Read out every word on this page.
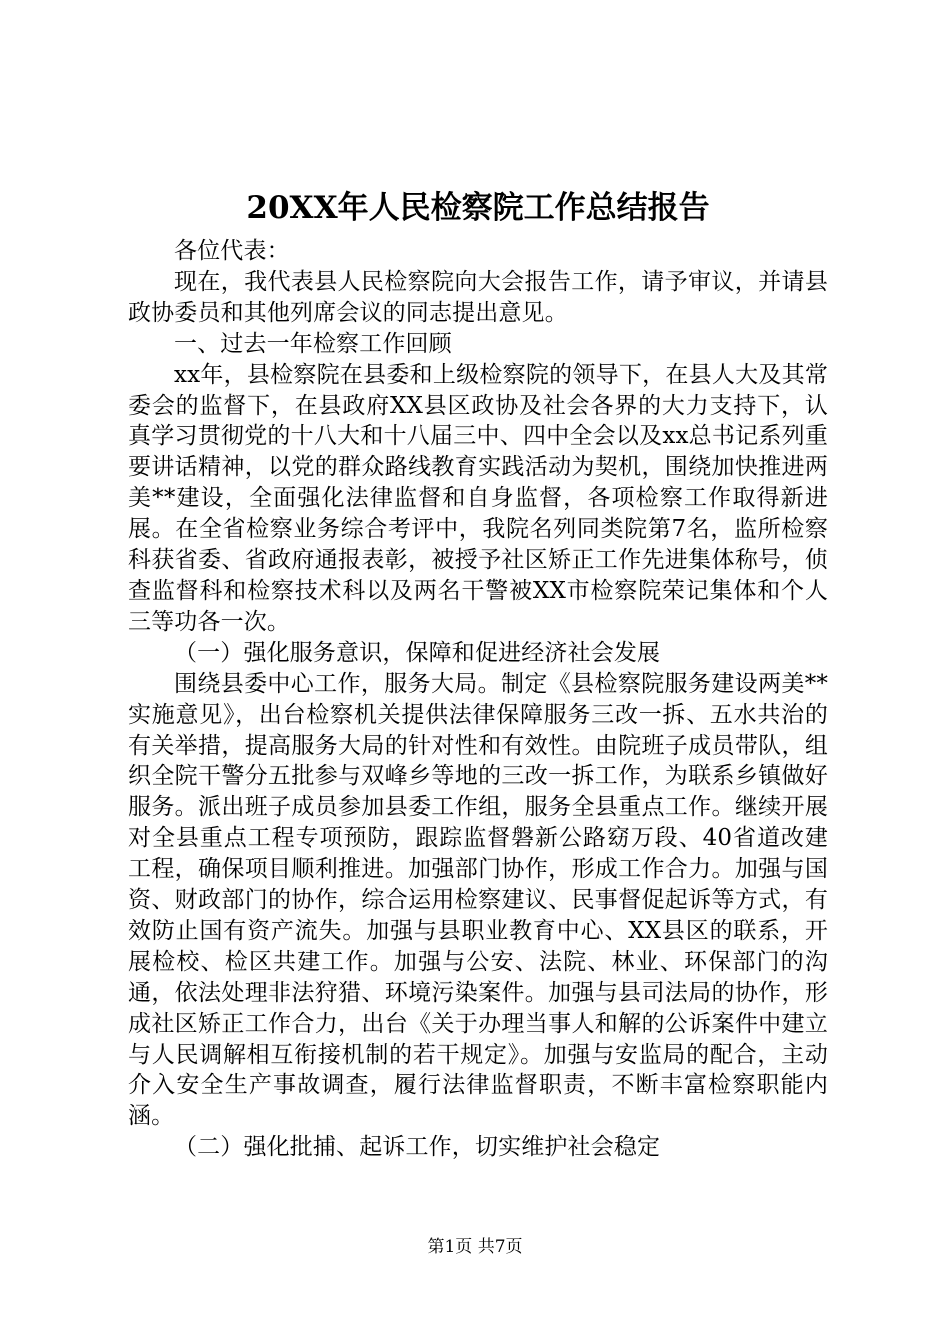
20XX年人民检察院工作总结报告

各位代表：

现在，我代表县人民检察院向大会报告工作，请予审议，并请县政协委员和其他列席会议的同志提出意见。

一、过去一年检察工作回顾

xx年，县检察院在县委和上级检察院的领导下，在县人大及其常委会的监督下，在县政府XX县区政协及社会各界的大力支持下，认真学习贯彻党的十八大和十八届三中、四中全会以及xx总书记系列重要讲话精神，以党的群众路线教育实践活动为契机，围绕加快推进两美**建设，全面强化法律监督和自身监督，各项检察工作取得新进展。在全省检察业务综合考评中，我院名列同类院第7名，监所检察科获省委、省政府通报表彰，被授予社区矫正工作先进集体称号，侦查监督科和检察技术科以及两名干警被XX市检察院荣记集体和个人三等功各一次。

（一）强化服务意识，保障和促进经济社会发展

围绕县委中心工作，服务大局。制定《县检察院服务建设两美**实施意见》，出台检察机关提供法律保障服务三改一拆、五水共治的有关举措，提高服务大局的针对性和有效性。由院班子成员带队，组织全院干警分五批参与双峰乡等地的三改一拆工作，为联系乡镇做好服务。派出班子成员参加县委工作组，服务全县重点工作。继续开展对全县重点工程专项预防，跟踪监督磐新公路窈万段、40省道改建工程，确保项目顺利推进。加强部门协作，形成工作合力。加强与国资、财政部门的协作，综合运用检察建议、民事督促起诉等方式，有效防止国有资产流失。加强与县职业教育中心、XX县区的联系，开展检校、检区共建工作。加强与公安、法院、林业、环保部门的沟通，依法处理非法狩猎、环境污染案件。加强与县司法局的协作，形成社区矫正工作合力，出台《关于办理当事人和解的公诉案件中建立与人民调解相互衔接机制的若干规定》。加强与安监局的配合，主动介入安全生产事故调查，履行法律监督职责，不断丰富检察职能内涵。

（二）强化批捕、起诉工作，切实维护社会稳定

第1页 共7页
